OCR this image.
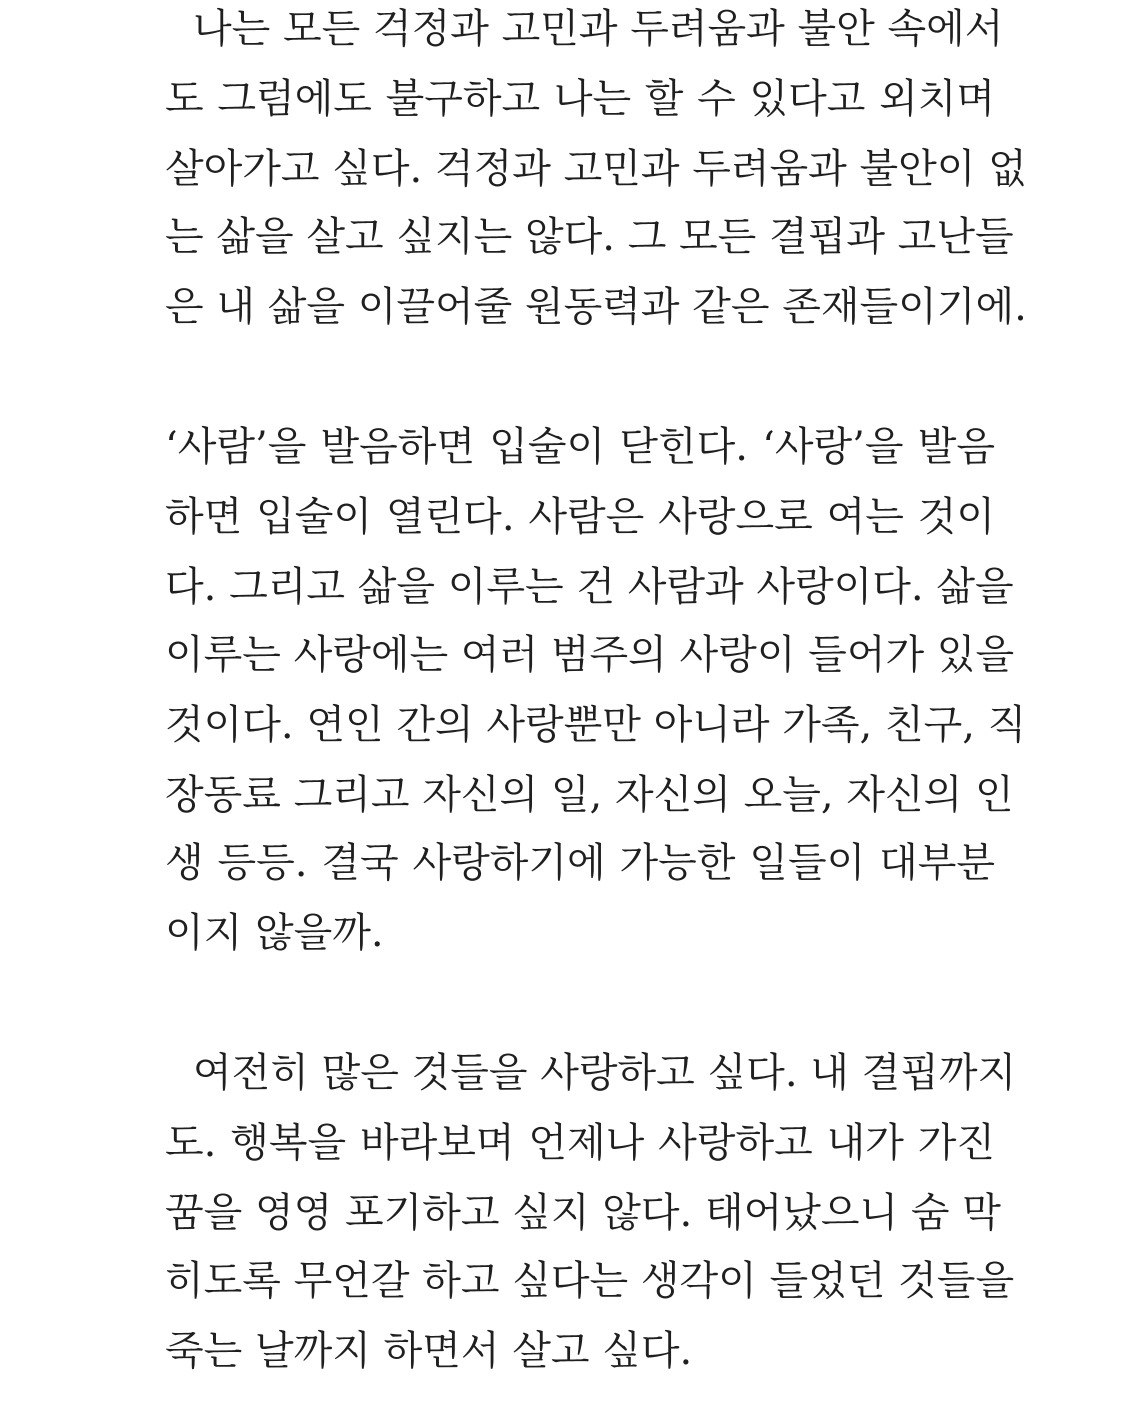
나는 모든 걱정과 고민과 두려움과 불안 속에서
도 그럼에도 불구하고 나는 할 수 있다고 외치며
살아가고 싶다. 걱정과 고민과 두려움과 불안이 없
는 삶을 살고 싶지는 않다. 그 모든 결핍과 고난들
은 내 삶을 이끌어줄 원동력과 같은 존재들이기에.
‘사람’을 발음하면 입술이 닫힌다. ‘사랑’을 발음
하면 입술이 열린다. 사람은 사랑으로 여는 것이
다. 그리고 삶을 이루는 건 사람과 사랑이다. 삶을
이루는 사랑에는 여러 범주의 사랑이 들어가 있을
것이다. 연인 간의 사랑뿐만 아니라 가족, 친구, 직
장동료 그리고 자신의 일, 자신의 오늘, 자신의 인
생 등등. 결국 사랑하기에 가능한 일들이 대부분
이지 않을까.
여전히 많은 것들을 사랑하고 싶다. 내 결핍까지
도. 행복을 바라보며 언제나 사랑하고 내가 가진
꿈을 영영 포기하고 싶지 않다. 태어났으니 숨 막
히도록 무언갈 하고 싶다는 생각이 들었던 것들을
죽는 날까지 하면서 살고 싶다.
